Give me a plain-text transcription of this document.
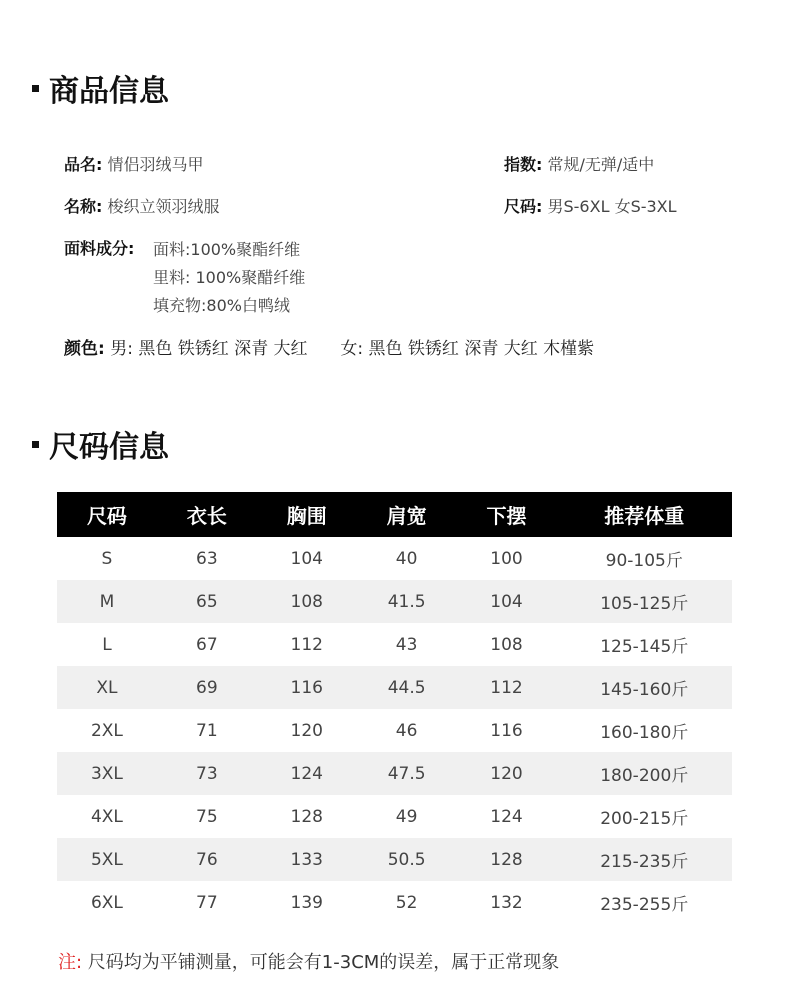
商品信息
品名: 情侣羽绒马甲
名称: 梭织立领羽绒服
指数: 常规/无弹/适中
尺码: 男S-6XL 女S-3XL
面料成分: 面料:100%聚酯纤维
里料: 100%聚醋纤维
填充物:80%白鸭绒
颜色: 男: 黑色 铁锈红 深青 大红 女: 黑色 铁锈红 深青 大红 木槿紫
尺码信息
尺码	衣长	胸围	肩宽	下摆	推荐体重
S	63	104	40	100	90-105斤
M	65	108	41.5	104	105-125斤
L	67	112	43	108	125-145斤
XL	69	116	44.5	112	145-160斤
2XL	71	120	46	116	160-180斤
3XL	73	124	47.5	120	180-200斤
4XL	75	128	49	124	200-215斤
5XL	76	133	50.5	128	215-235斤
6XL	77	139	52	132	235-255斤
注: 尺码均为平铺测量，可能会有1-3CM的误差，属于正常现象
